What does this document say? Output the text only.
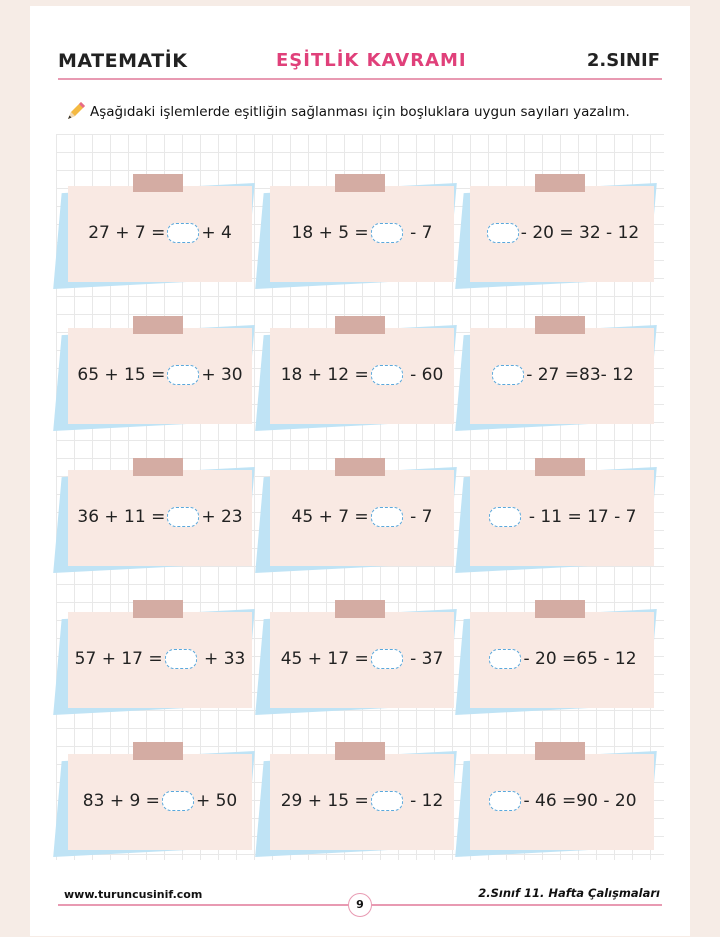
MATEMATİK	EŞİTLİK KAVRAMI	2.SINIF
Aşağıdaki işlemlerde eşitliğin sağlanması için boşluklara uygun sayıları yazalım.
27 + 7 = + 4	18 + 5 = - 7	- 20 = 32 - 12
65 + 15 = + 30 18 + 12 = - 60	- 27 =83- 12
36 + 11 = + 23	45 + 7 = - 7	- 11 = 17 - 7
57 + 17 = + 33 45 + 17 = - 37	- 20 =65 - 12
83 + 9 = + 50	29 + 15 = - 12	- 46 =90 - 20
www.turuncusinif.com
9
2.Sınıf 11. Hafta Çalışmaları
